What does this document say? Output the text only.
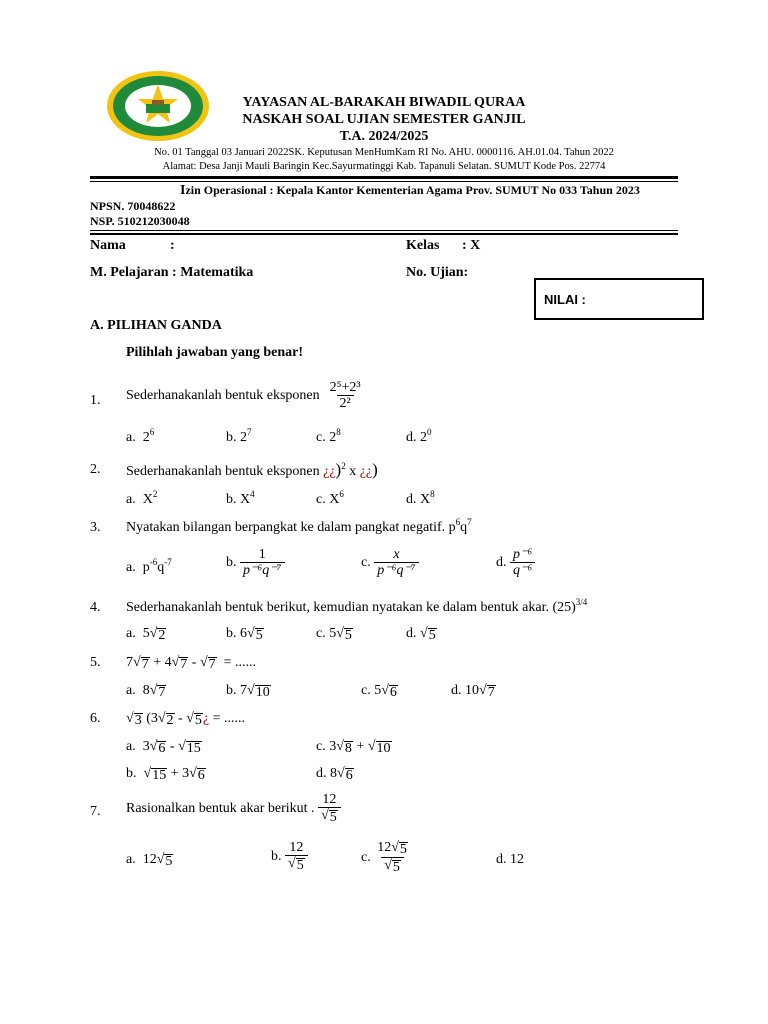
YAYASAN AL-BARAKAH BIWADIL QURAA
NASKAH SOAL UJIAN SEMESTER GANJIL
T.A. 2024/2025
No. 01 Tanggal 03 Januari 2022SK. Keputusan MenHumKam RI No. AHU. 0000116. AH.01.04. Tahun 2022
Alamat: Desa Janji Mauli Baringin Kec.Sayurmatinggi Kab. Tapanuli Selatan. SUMUT Kode Pos. 22774
Izin Operasional : Kepala Kantor Kementerian Agama Prov. SUMUT No 033 Tahun 2023
NPSN. 70048622
NSP. 510212030048
Nama	:	Kelas : X
M. Pelajaran : Matematika	No. Ujian:
NILAI :
A. PILIHAN GANDA
Pilihlah jawaban yang benar!
1. Sederhanakanlah bentuk eksponen
$\frac{\text{2⁵+2³}}{\text{2²}}$
a. $2^6$	b. $2^7$	c. $2^8$	d. $2^0$
2. Sederhanakanlah bentuk eksponen ¿¿)$^2$ x ¿¿)
a. $X^2$	b. $X^4$	c. $X^6$	d. $X^8$
3. Nyatakan bilangan berpangkat ke dalam pangkat negatif. $p^6q^7$
a. $p^{-6}q^{-7}$	b.
$\frac{1}{\text{p⁻⁶q⁻⁷}}$	c.
$\frac{x}{\text{p⁻⁶q⁻⁷}}$	d.
$\frac{\text{p⁻⁶}}{\text{q⁻⁶}}$
4. Sederhanakanlah bentuk berikut, kemudian nyatakan ke dalam bentuk akar. $(25)^{3/4}$
a. 5 √ 2	b. 6 √ 5	c. 5 √ 5	d. √ 5
5. 7 √ 7 + 4 √ 7 - √ 7 = ......
a. 8 √ 7	b. 7 √ 10	c. 5 √ 6	d. 10 √ 7
6. √ 3 (3 √ 2 - √ 5 ¿ = ......
a. 3 √ 6 - √ 15	c. 3 √ 8 + √ 10
b. √ 15 + 3 √ 6	d. 8 √ 6
7. Rasionalkan bentuk akar berikut .
$\frac{12}{√ 5}$
a. 12 √ 5	b.
$\frac{12}{√ 5}$	c.
$\frac{12 √ 5}{√ 5}$	d. 12
